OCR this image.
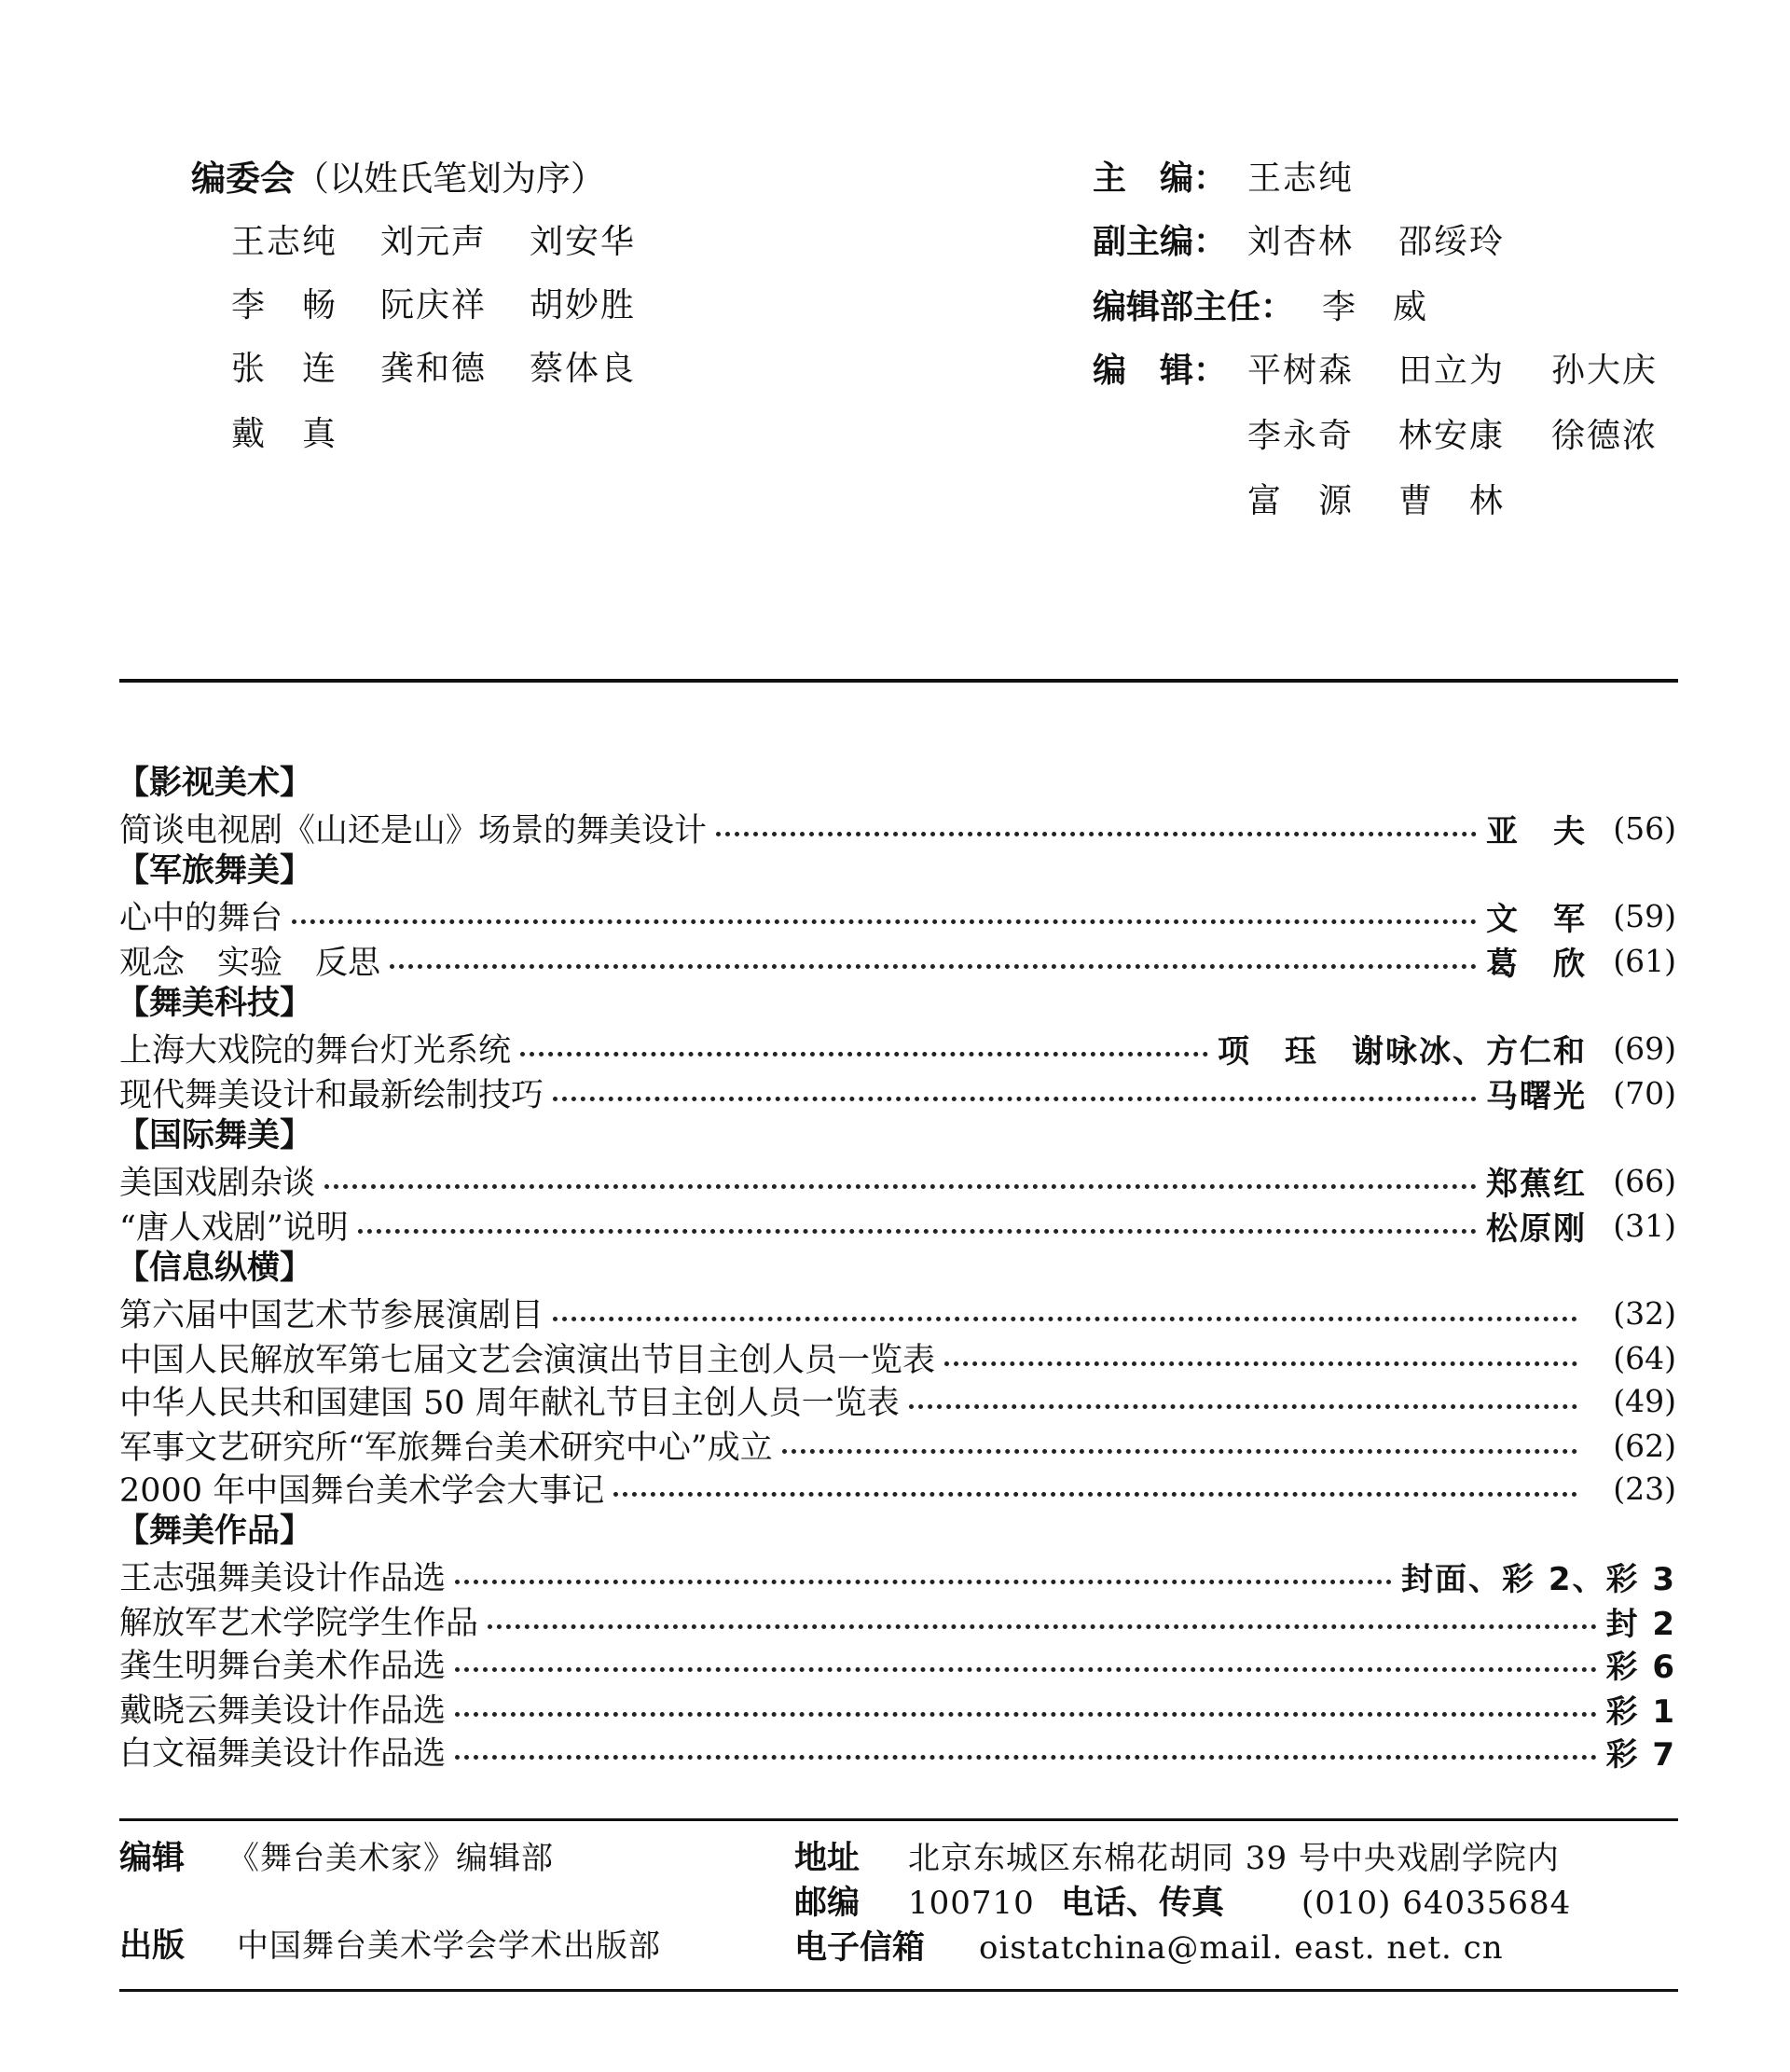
编委会（以姓氏笔划为序）
王志纯 刘元声 刘安华
李　畅 阮庆祥 胡妙胜
张　连 龚和德 蔡体良
戴　真
主　编： 王志纯
副主编： 刘杏林 邵绥玲
编辑部主任： 李　威
编　辑： 平树森 田立为 孙大庆
李永奇 林安康 徐德浓
富　源 曹　林
【影视美术】
简谈电视剧《山还是山》场景的舞美设计	亚　夫 (56)
【军旅舞美】
心中的舞台	文　军 (59)
观念　实验　反思	葛　欣 (61)
【舞美科技】
上海大戏院的舞台灯光系统	项　珏　谢咏冰、方仁和 (69)
现代舞美设计和最新绘制技巧	马曙光 (70)
【国际舞美】
美国戏剧杂谈	郑蕉红 (66)
“唐人戏剧”说明	松原刚 (31)
【信息纵横】
第六届中国艺术节参展演剧目	(32)
中国人民解放军第七届文艺会演演出节目主创人员一览表	(64)
中华人民共和国建国 50 周年献礼节目主创人员一览表	(49)
军事文艺研究所“军旅舞台美术研究中心”成立	(62)
2000 年中国舞台美术学会大事记	(23)
【舞美作品】
王志强舞美设计作品选	封面、彩 2、彩 3
解放军艺术学院学生作品	封 2
龚生明舞台美术作品选	彩 6
戴晓云舞美设计作品选	彩 1
白文福舞美设计作品选	彩 7
编辑 《舞台美术家》编辑部
出版 中国舞台美术学会学术出版部
地址 北京东城区东棉花胡同 39 号中央戏剧学院内
邮编 100710 电话、传真 (010) 64035684
电子信箱 oistatchina@mail. east. net. cn
